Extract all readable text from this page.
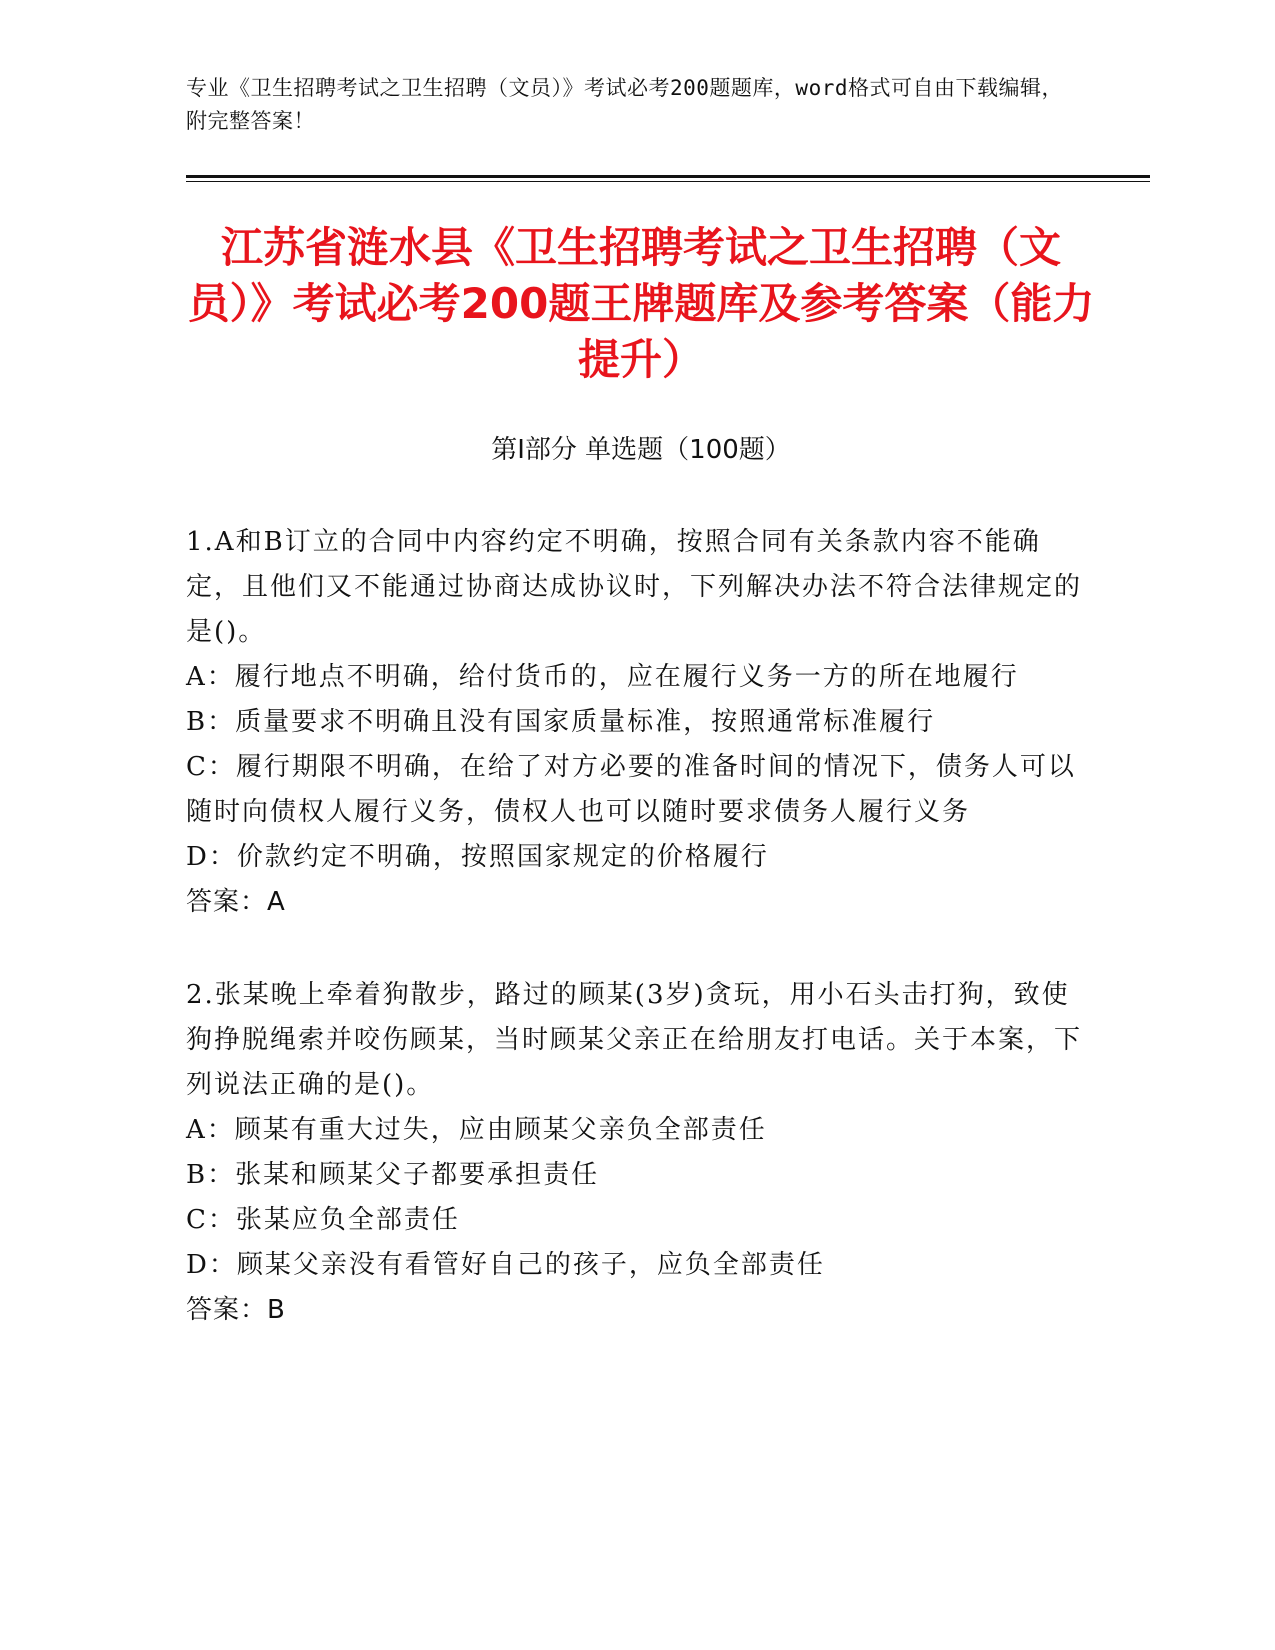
专业《卫生招聘考试之卫生招聘（文员）》考试必考200题题库，word格式可自由下载编辑，附完整答案！
江苏省涟水县《卫生招聘考试之卫生招聘（文员）》考试必考200题王牌题库及参考答案（能力提升）
第I部分 单选题（100题）

1.A和B订立的合同中内容约定不明确，按照合同有关条款内容不能确定，且他们又不能通过协商达成协议时，下列解决办法不符合法律规定的是()。

A：履行地点不明确，给付货币的，应在履行义务一方的所在地履行

B：质量要求不明确且没有国家质量标准，按照通常标准履行

C：履行期限不明确，在给了对方必要的准备时间的情况下，债务人可以随时向债权人履行义务，债权人也可以随时要求债务人履行义务

D：价款约定不明确，按照国家规定的价格履行

答案：A

2.张某晚上牵着狗散步，路过的顾某(3岁)贪玩，用小石头击打狗，致使狗挣脱绳索并咬伤顾某，当时顾某父亲正在给朋友打电话。关于本案，下列说法正确的是()。

A：顾某有重大过失，应由顾某父亲负全部责任

B：张某和顾某父子都要承担责任

C：张某应负全部责任

D：顾某父亲没有看管好自己的孩子，应负全部责任

答案：B
